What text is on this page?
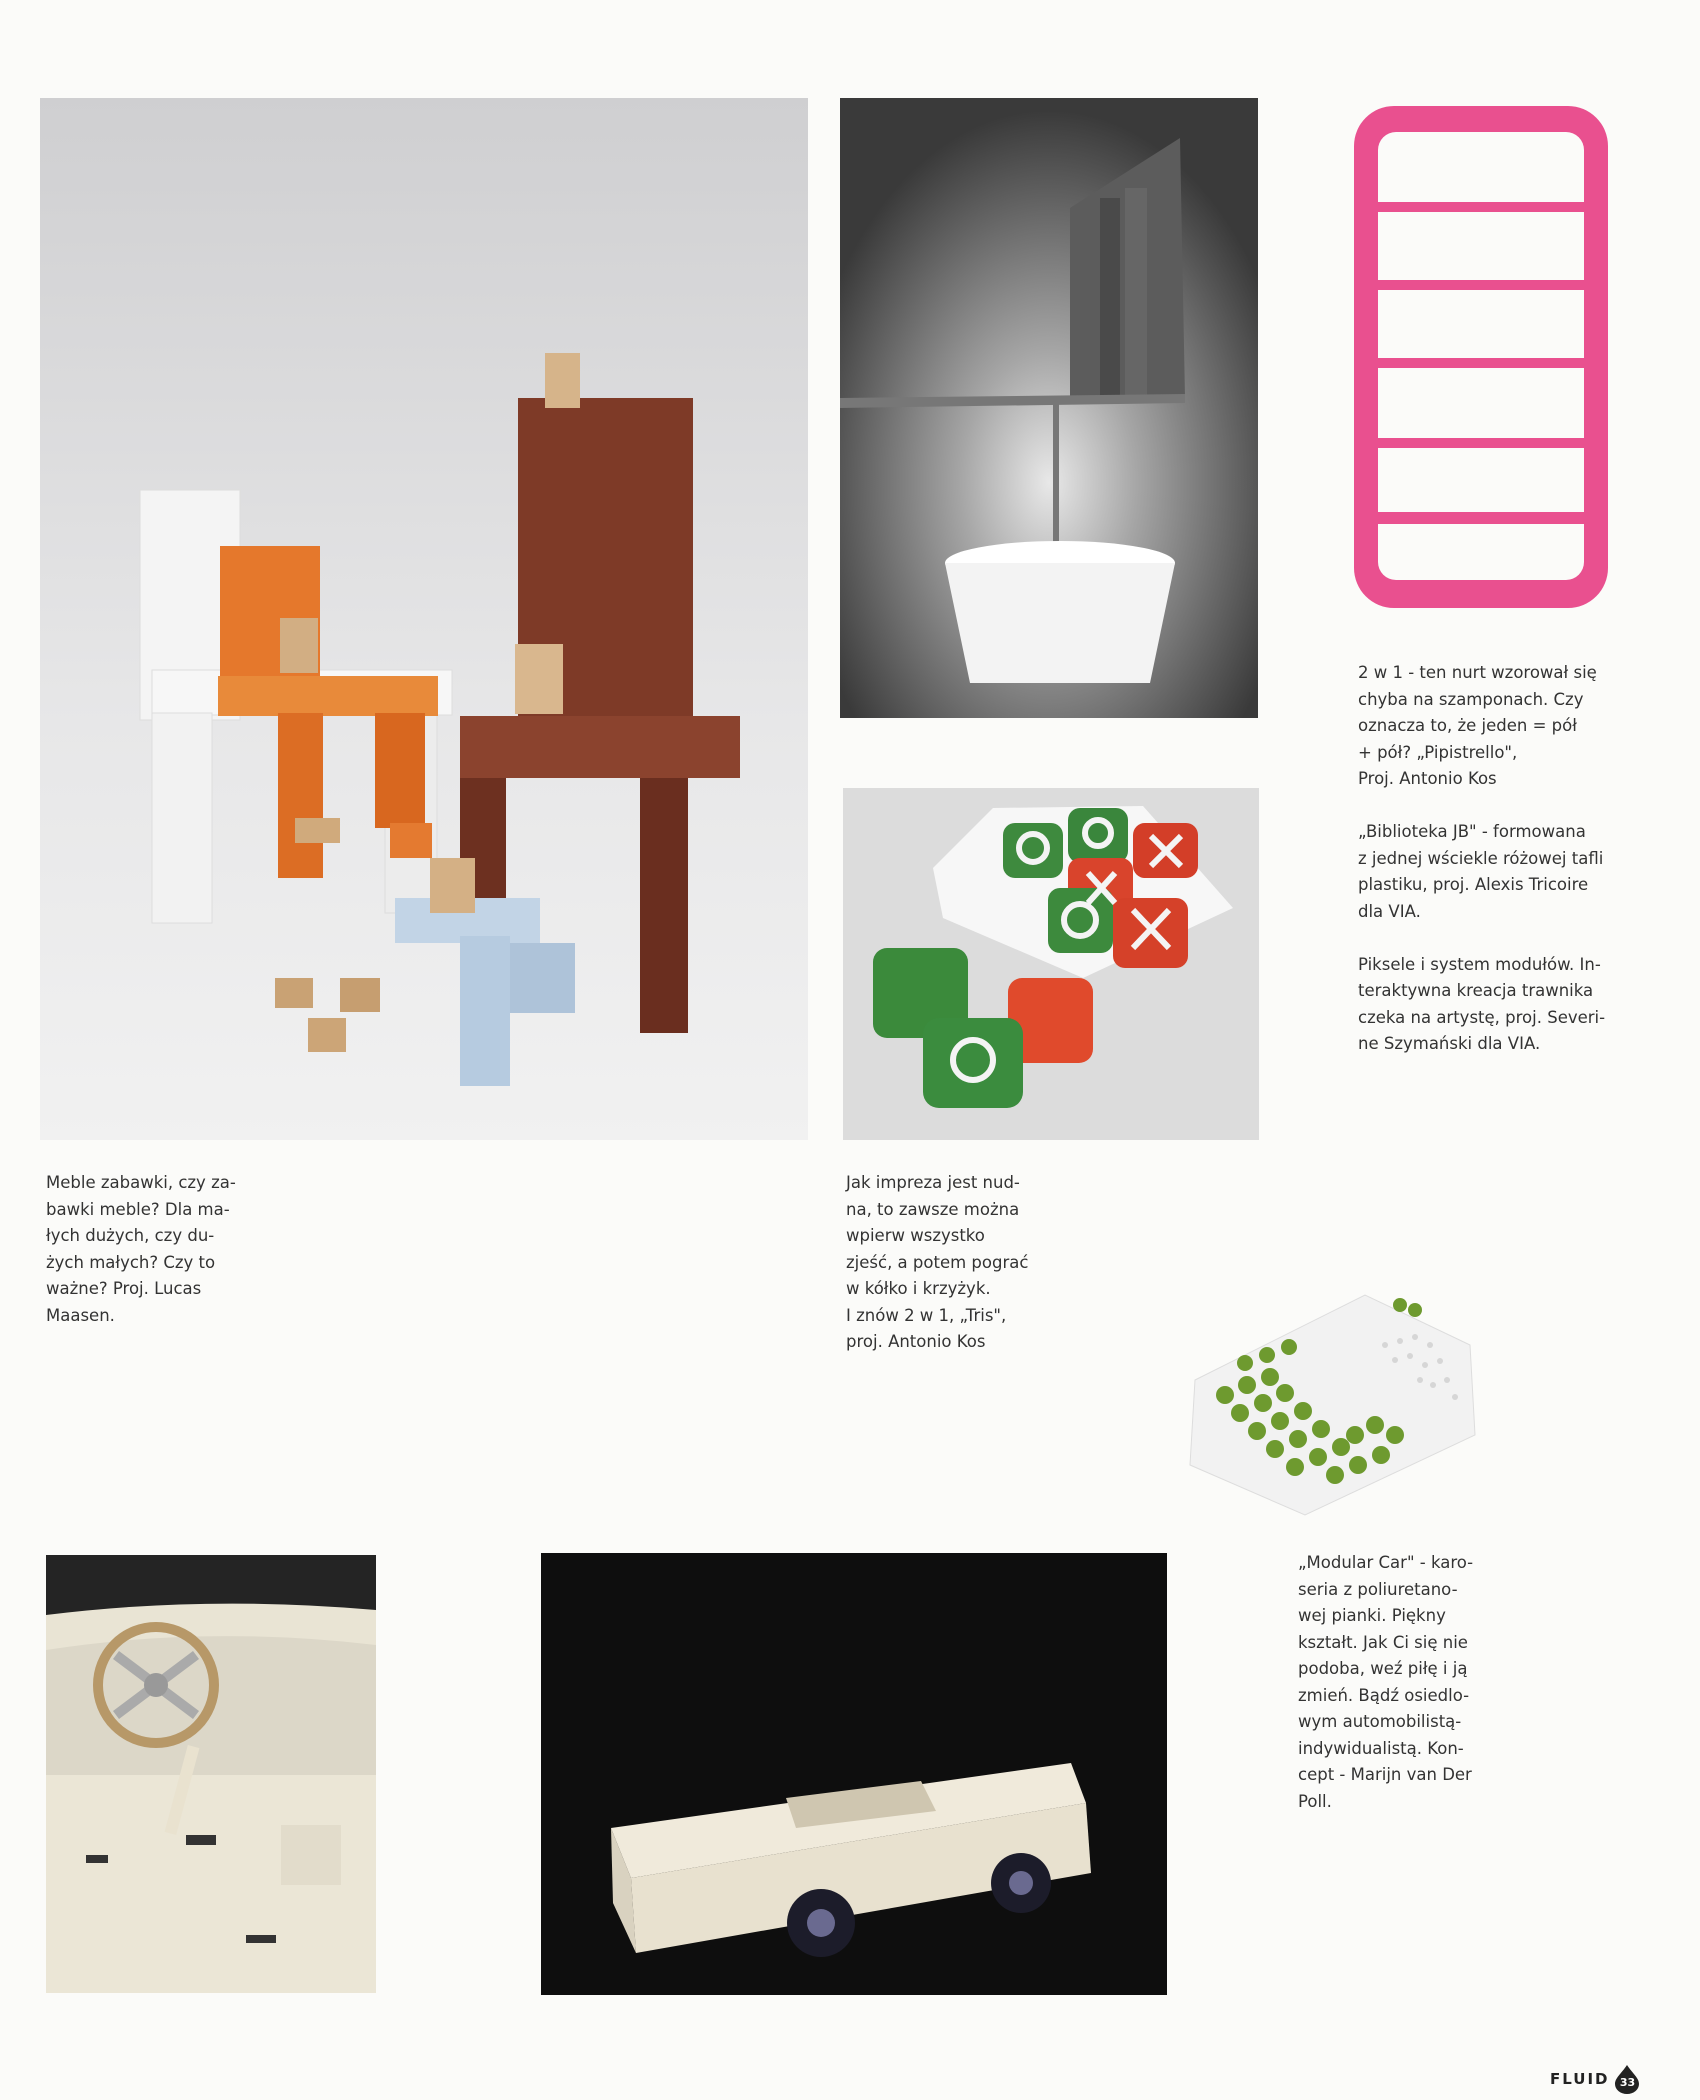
Meble zabawki, czy za-
bawki meble? Dla ma-
łych dużych, czy du-
żych małych? Czy to
ważne? Proj. Lucas
Maasen.
Jak impreza jest nud-
na, to zawsze można
wpierw wszystko
zjeść, a potem pograć
w kółko i krzyżyk.
I znów 2 w 1, „Tris",
proj. Antonio Kos
2 w 1 - ten nurt wzorował się
chyba na szamponach. Czy
oznacza to, że jeden = pół
+ pół? „Pipistrello",
Proj. Antonio Kos

„Biblioteka JB" - formowana
z jednej wściekle różowej tafli
plastiku, proj. Alexis Tricoire
dla VIA.

Piksele i system modułów. In-
teraktywna kreacja trawnika
czeka na artystę, proj. Severi-
ne Szymański dla VIA.
„Modular Car" - karo-
seria z poliuretano-
wej pianki. Piękny
kształt. Jak Ci się nie
podoba, weź piłę i ją
zmień. Bądź osiedlo-
wym automobilistą-
indywidualistą. Kon-
cept - Marijn van Der
Poll.
FLUID 33
